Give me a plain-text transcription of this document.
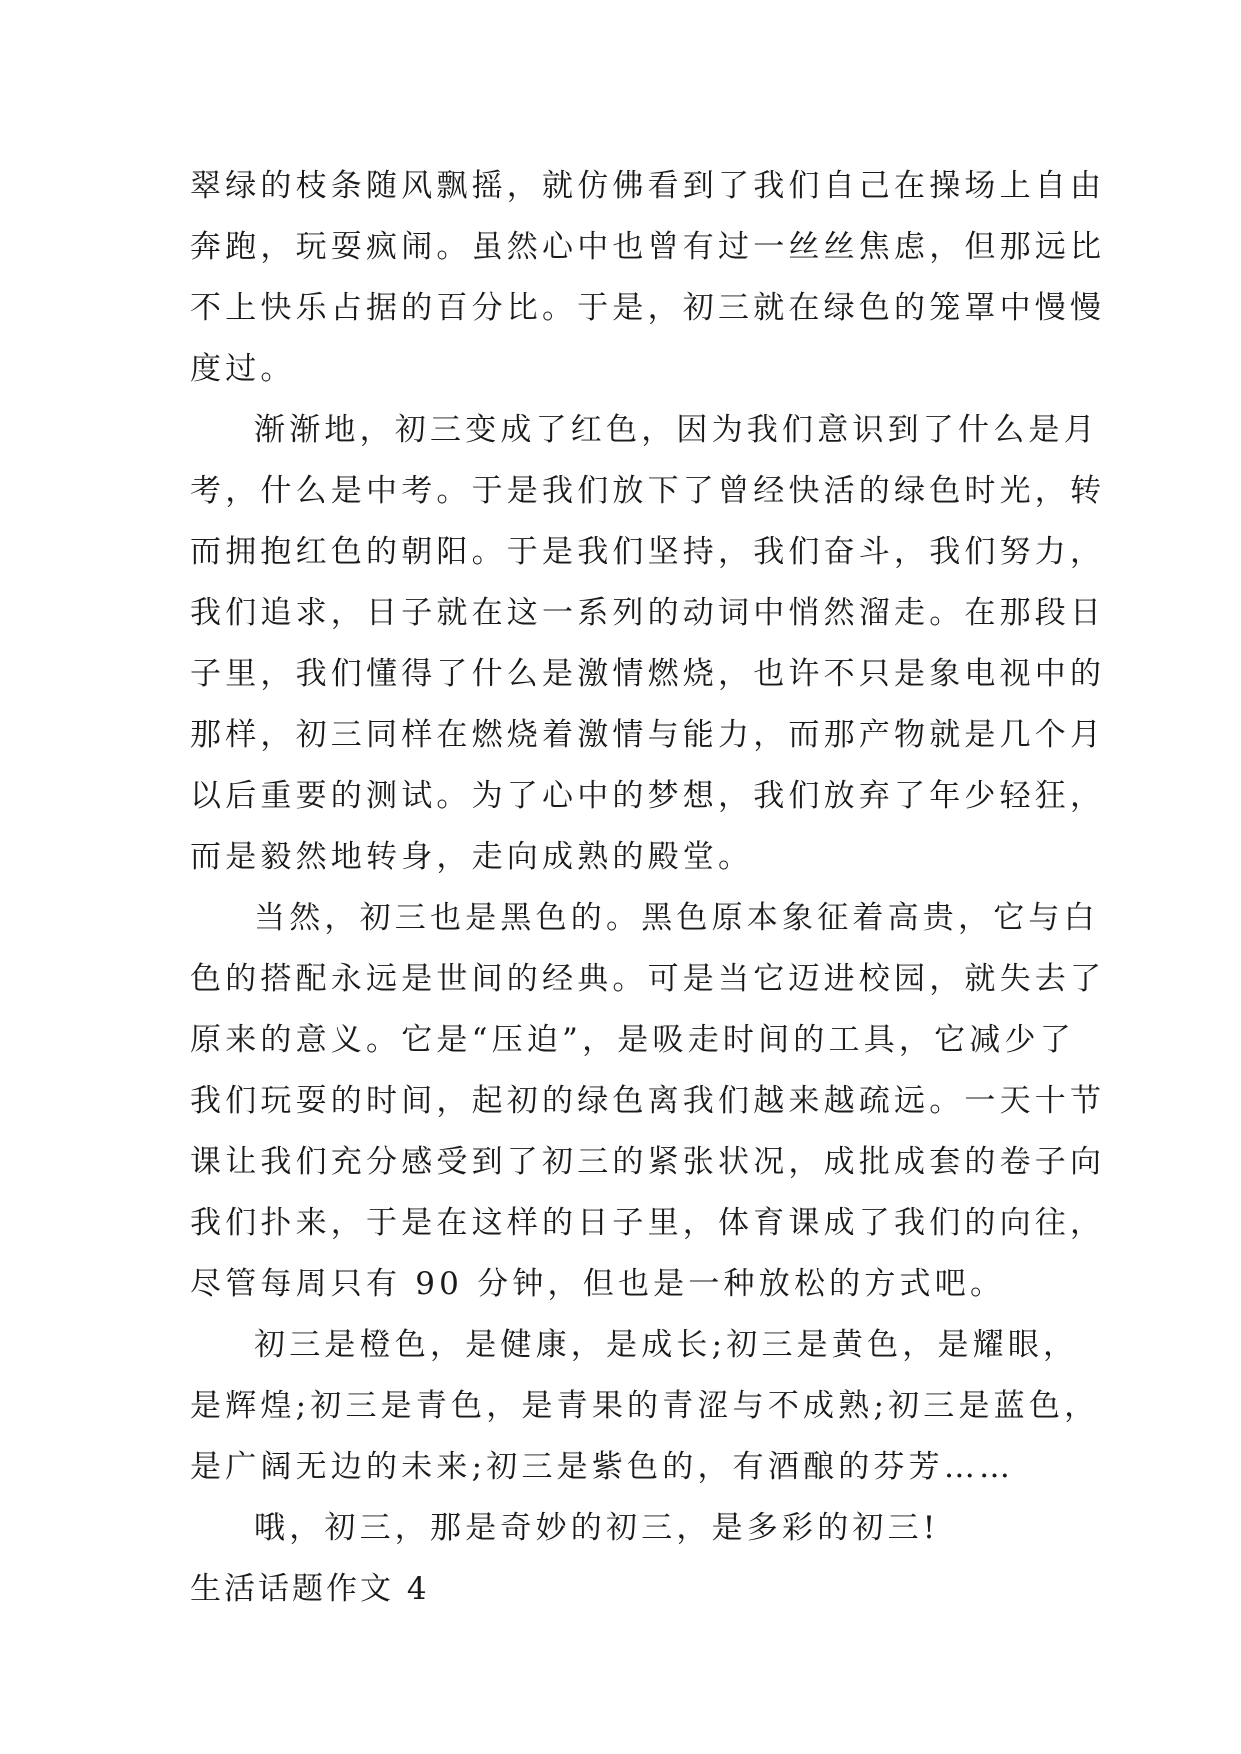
翠绿的枝条随风飘摇，就仿佛看到了我们自己在操场上自由
奔跑，玩耍疯闹。虽然心中也曾有过一丝丝焦虑，但那远比
不上快乐占据的百分比。于是，初三就在绿色的笼罩中慢慢
度过。
渐渐地，初三变成了红色，因为我们意识到了什么是月
考，什么是中考。于是我们放下了曾经快活的绿色时光，转
而拥抱红色的朝阳。于是我们坚持，我们奋斗，我们努力，
我们追求，日子就在这一系列的动词中悄然溜走。在那段日
子里，我们懂得了什么是激情燃烧，也许不只是象电视中的
那样，初三同样在燃烧着激情与能力，而那产物就是几个月
以后重要的测试。为了心中的梦想，我们放弃了年少轻狂，
而是毅然地转身，走向成熟的殿堂。
当然，初三也是黑色的。黑色原本象征着高贵，它与白
色的搭配永远是世间的经典。可是当它迈进校园，就失去了
原来的意义。它是“压迫”，是吸走时间的工具，它减少了
我们玩耍的时间，起初的绿色离我们越来越疏远。一天十节
课让我们充分感受到了初三的紧张状况，成批成套的卷子向
我们扑来，于是在这样的日子里，体育课成了我们的向往，
尽管每周只有 90 分钟，但也是一种放松的方式吧。
初三是橙色，是健康，是成长;初三是黄色，是耀眼，
是辉煌;初三是青色，是青果的青涩与不成熟;初三是蓝色，
是广阔无边的未来;初三是紫色的，有酒酿的芬芳……
哦，初三，那是奇妙的初三，是多彩的初三!
生活话题作文 4
